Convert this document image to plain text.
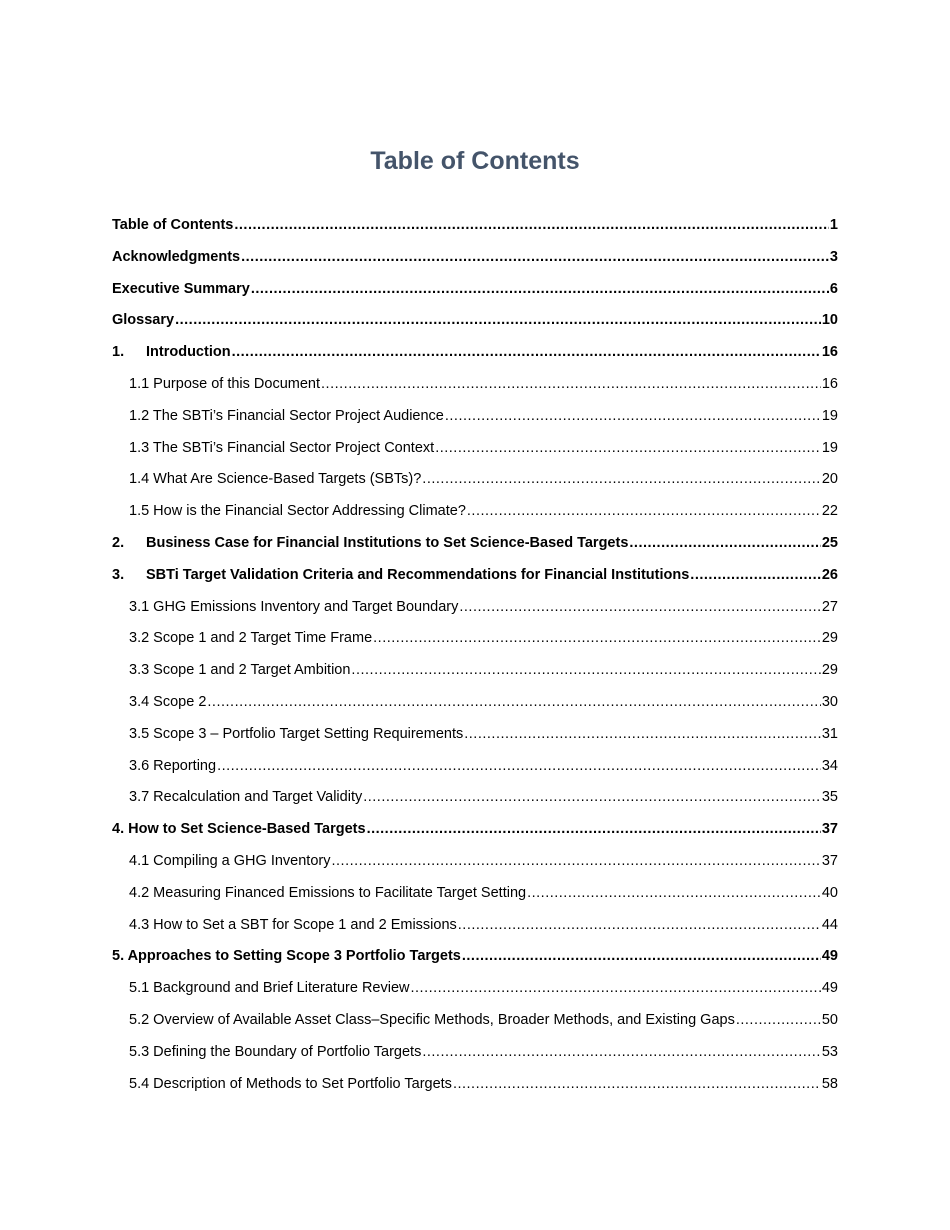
Table of Contents
Table of Contents .....	1
Acknowledgments .....	3
Executive Summary .....	6
Glossary .....	10
1.	Introduction .....	16
1.1 Purpose of this Document .....	16
1.2 The SBTi’s Financial Sector Project Audience .....	19
1.3 The SBTi’s Financial Sector Project Context .....	19
1.4 What Are Science-Based Targets (SBTs)? .....	20
1.5 How is the Financial Sector Addressing Climate? .....	22
2.	Business Case for Financial Institutions to Set Science-Based Targets .....	25
3.	SBTi Target Validation Criteria and Recommendations for Financial Institutions .....	26
3.1 GHG Emissions Inventory and Target Boundary .....	27
3.2 Scope 1 and 2 Target Time Frame .....	29
3.3 Scope 1 and 2 Target Ambition .....	29
3.4 Scope 2 .....	30
3.5 Scope 3 – Portfolio Target Setting Requirements .....	31
3.6 Reporting .....	34
3.7 Recalculation and Target Validity .....	35
4. How to Set Science-Based Targets .....	37
4.1 Compiling a GHG Inventory .....	37
4.2 Measuring Financed Emissions to Facilitate Target Setting .....	40
4.3 How to Set a SBT for Scope 1 and 2 Emissions .....	44
5. Approaches to Setting Scope 3 Portfolio Targets .....	49
5.1 Background and Brief Literature Review .....	49
5.2 Overview of Available Asset Class–Specific Methods, Broader Methods, and Existing Gaps .....	50
5.3 Defining the Boundary of Portfolio Targets .....	53
5.4 Description of Methods to Set Portfolio Targets .....	58
